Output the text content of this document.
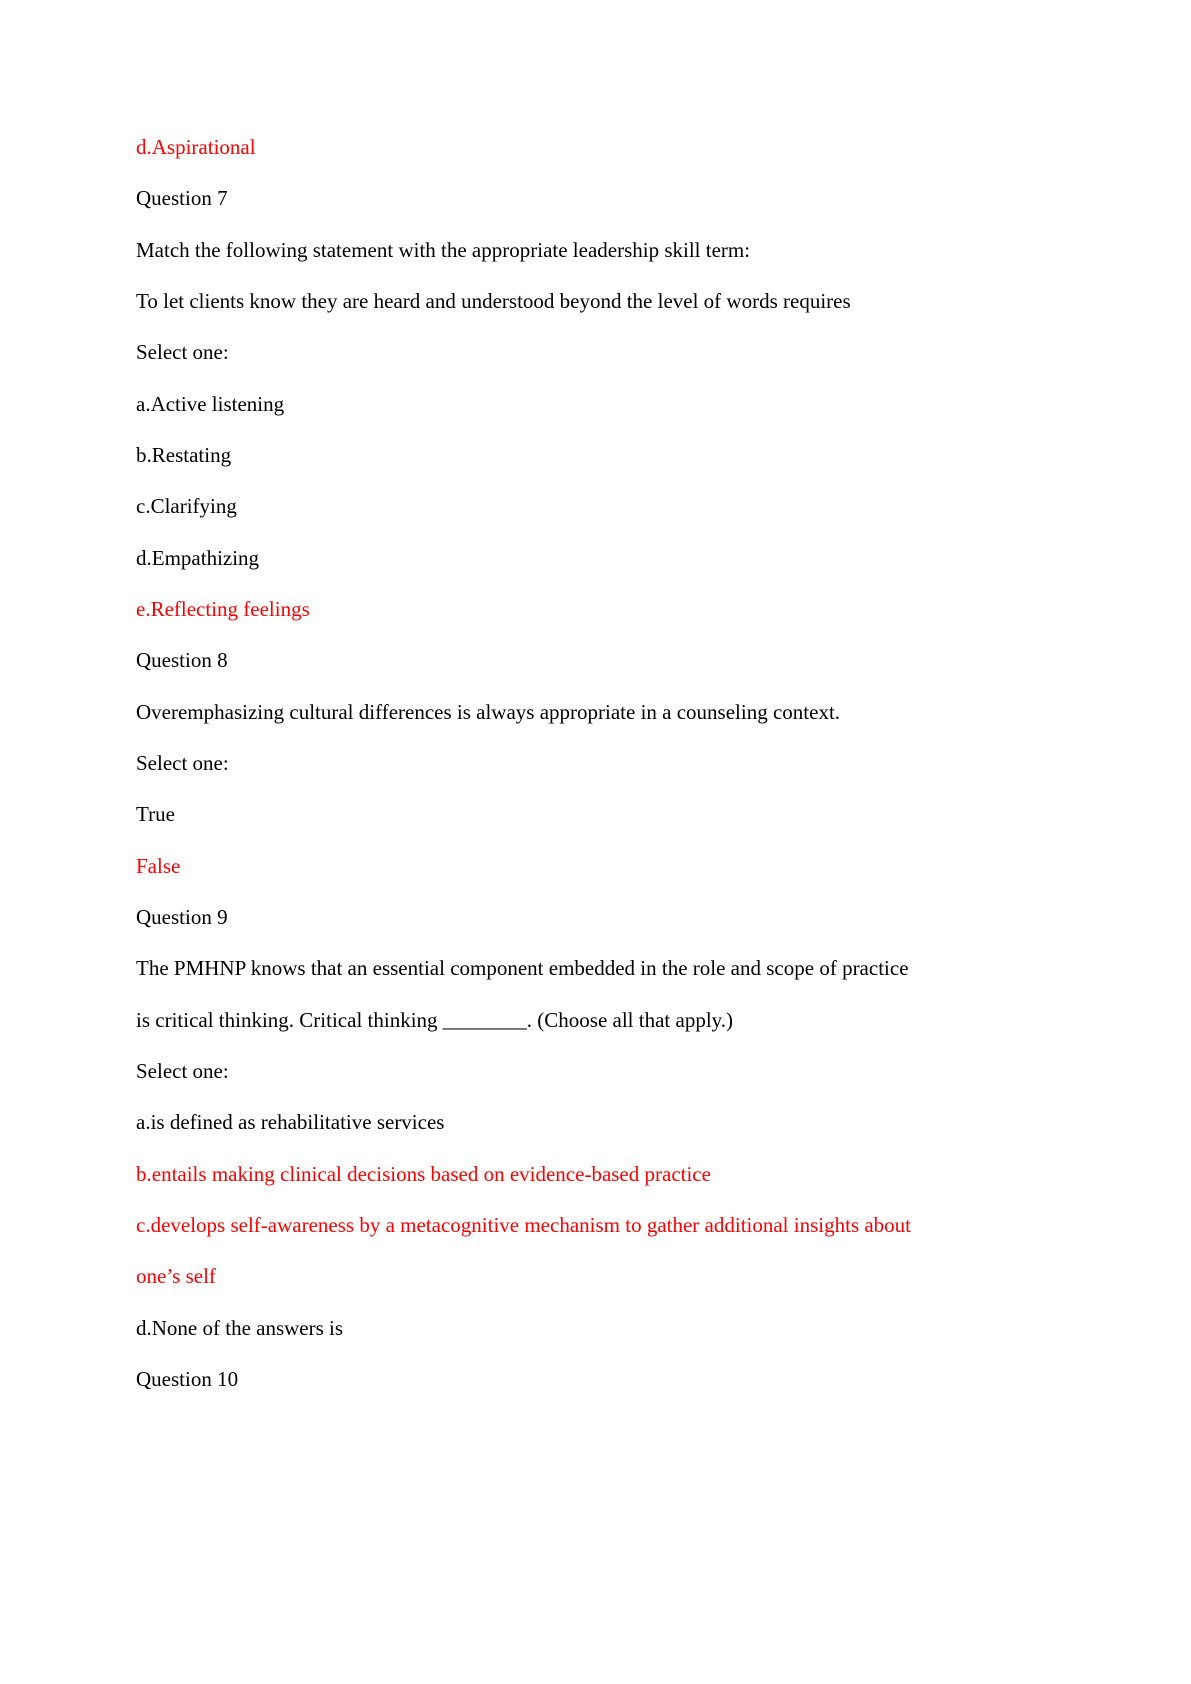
d.Aspirational
Question 7
Match the following statement with the appropriate leadership skill term:
To let clients know they are heard and understood beyond the level of words requires
Select one:
a.Active listening
b.Restating
c.Clarifying
d.Empathizing
e.Reflecting feelings
Question 8
Overemphasizing cultural differences is always appropriate in a counseling context.
Select one:
True
False
Question 9
The PMHNP knows that an essential component embedded in the role and scope of practice
is critical thinking. Critical thinking ________. (Choose all that apply.)
Select one:
a.is defined as rehabilitative services
b.entails making clinical decisions based on evidence-based practice
c.develops self-awareness by a metacognitive mechanism to gather additional insights about
one’s self
d.None of the answers is
Question 10
